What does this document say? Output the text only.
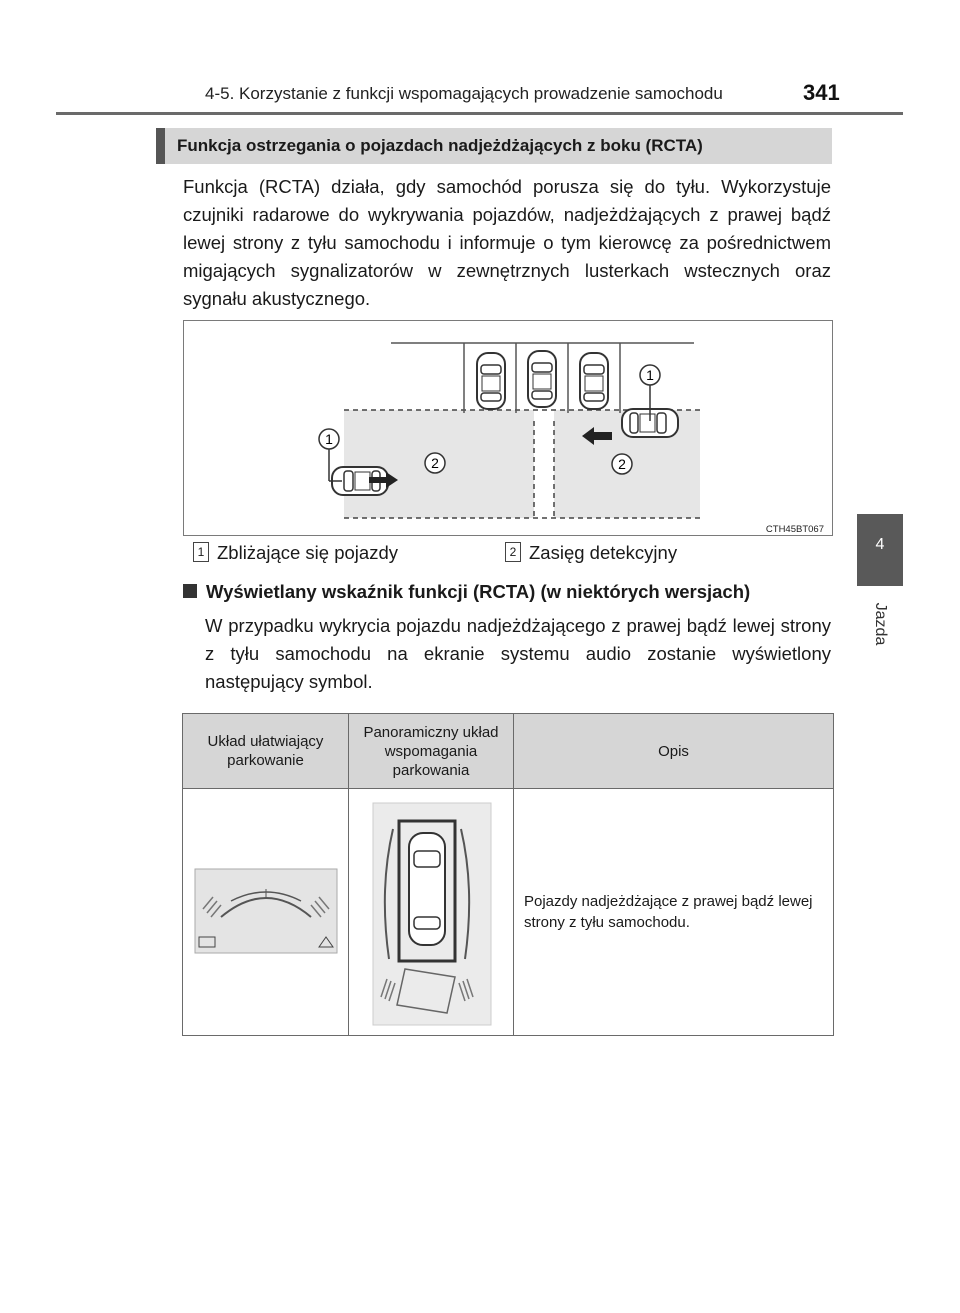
4-5. Korzystanie z funkcji wspomagających prowadzenie samochodu	341
4
Jazda
Funkcja ostrzegania o pojazdach nadjeżdżających z boku (RCTA)

Funkcja (RCTA) działa, gdy samochód porusza się do tyłu. Wykorzystuje czujniki radarowe do wykrywania pojazdów, nadjeżdżających z prawej bądź lewej strony z tyłu samochodu i informuje o tym kierowcę za pośrednictwem migających sygnalizatorów w zewnętrznych lusterkach wstecznych oraz sygnału akustycznego.

1
1
2	2
CTH45BT067
1 Zbliżające się pojazdy	2 Zasięg detekcyjny
Wyświetlany wskaźnik funkcji (RCTA) (w niektórych wersjach)

W przypadku wykrycia pojazdu nadjeżdżającego z prawej bądź lewej strony z tyłu samochodu na ekranie systemu audio zostanie wyświetlony następujący symbol.

Układ ułatwiający parkowanie	Panoramiczny układ wspomagania parkowania	Opis
		Pojazdy nadjeżdżające z prawej bądź lewej strony z tyłu samochodu.
